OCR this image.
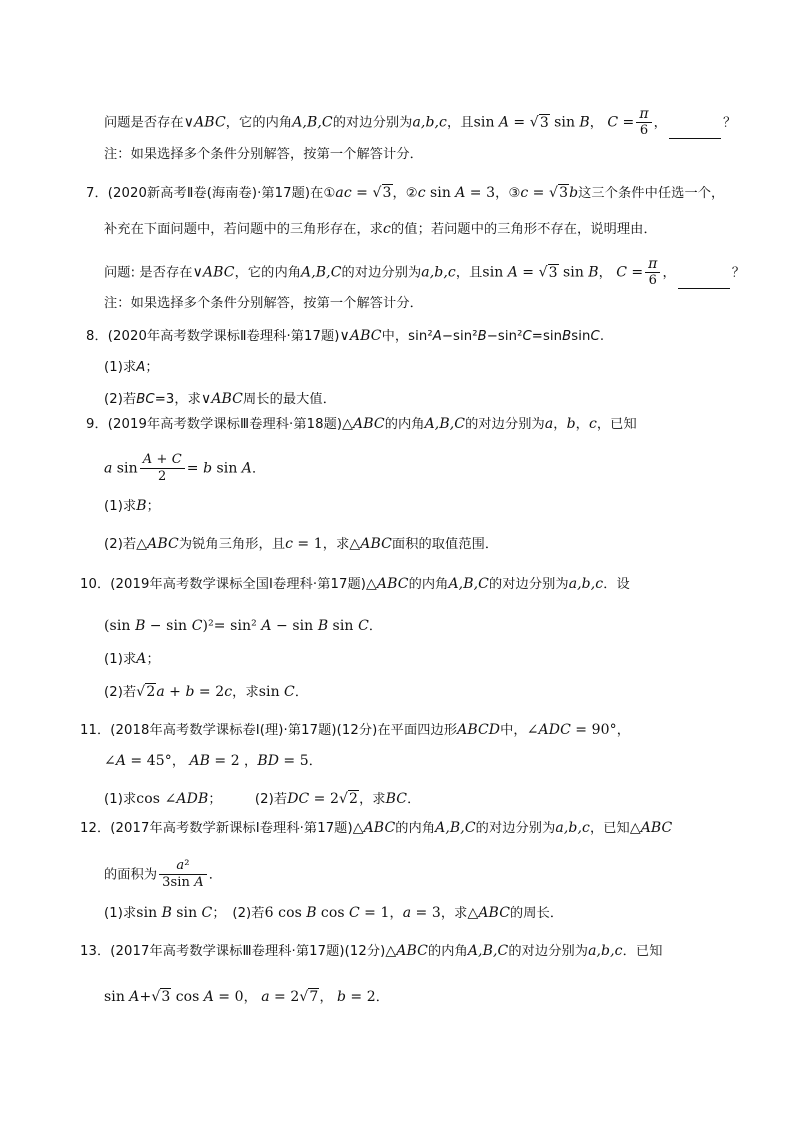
问题是否存在∨ABC，它的内角A,B,C的对边分别为a,b,c，且sin A = √3 sin B， $C = \frac{\pi}{6}$ ，	？
注：如果选择多个条件分别解答，按第一个解答计分．
7．(2020新高考Ⅱ卷(海南卷)·第17题)在①ac = √3，②c sin A = 3，③c = √3b这三个条件中任选一个，
补充在下面问题中，若问题中的三角形存在，求c的值；若问题中的三角形不存在，说明理由．
问题: 是否存在∨ABC，它的内角A,B,C的对边分别为a,b,c，且sin A = √3 sin B， $C = \frac{\pi}{6}$ ，	？
注：如果选择多个条件分别解答，按第一个解答计分．
8．(2020年高考数学课标Ⅱ卷理科·第17题)∨ABC中，sin²A−sin²B−sin²C=sinBsinC.
(1)求A；
(2)若BC=3，求∨ABC周长的最大值．
9．(2019年高考数学课标Ⅲ卷理科·第18题)△ABC的内角A,B,C的对边分别为a，b，c，已知
a $\sin \frac{A + C}{2} = b$ sin A．
(1)求B；
(2)若△ABC为锐角三角形，且c = 1，求△ABC面积的取值范围．
10．(2019年高考数学课标全国Ⅰ卷理科·第17题)△ABC的内角A,B,C的对边分别为a,b,c．设
(sin B − sin C)²= sin² A − sin B sin C．
(1)求A；
(2)若√2a + b = 2c，求sin C．
11．(2018年高考数学课标卷Ⅰ(理)·第17题)(12分)在平面四边形ABCD中，∠ADC = 90°，
∠A = 45°， AB = 2 ，BD = 5．
(1)求cos ∠ADB；　　　(2)若DC = 2√2，求BC．
12．(2017年高考数学新课标Ⅰ卷理科·第17题)△ABC的内角A,B,C的对边分别为a,b,c，已知△ABC
的面积为 $\frac{\text{a²}}{\text{3sin A}}$ ．
(1)求sin B sin C；　(2)若6 cos B cos C = 1，a = 3，求△ABC的周长．
13．(2017年高考数学课标Ⅲ卷理科·第17题)(12分)△ABC的内角A,B,C的对边分别为a,b,c．已知
sin A+√3 cos A = 0， a = 2√7， b = 2．
